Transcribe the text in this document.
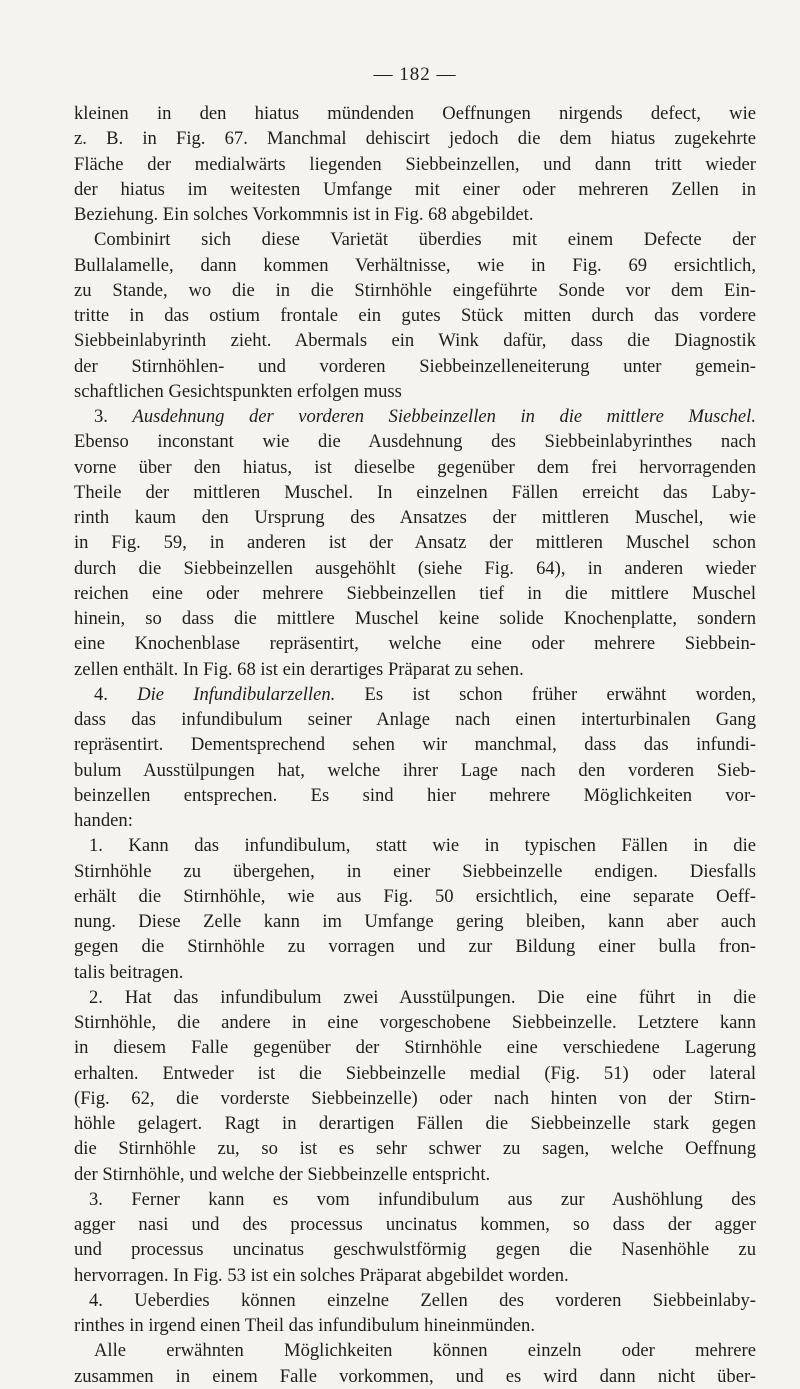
— 182 —
kleinen in den hiatus mündenden Oeffnungen nirgends defect, wie
z. B. in Fig. 67. Manchmal dehiscirt jedoch die dem hiatus zugekehrte
Fläche der medialwärts liegenden Siebbeinzellen, und dann tritt wieder
der hiatus im weitesten Umfange mit einer oder mehreren Zellen in
Beziehung. Ein solches Vorkommnis ist in Fig. 68 abgebildet.
Combinirt sich diese Varietät überdies mit einem Defecte der
Bullalamelle, dann kommen Verhältnisse, wie in Fig. 69 ersichtlich,
zu Stande, wo die in die Stirnhöhle eingeführte Sonde vor dem Ein-
tritte in das ostium frontale ein gutes Stück mitten durch das vordere
Siebbeinlabyrinth zieht. Abermals ein Wink dafür, dass die Diagnostik
der Stirnhöhlen- und vorderen Siebbeinzelleneiterung unter gemein-
schaftlichen Gesichtspunkten erfolgen muss
3. Ausdehnung der vorderen Siebbeinzellen in die mittlere Muschel.
Ebenso inconstant wie die Ausdehnung des Siebbeinlabyrinthes nach
vorne über den hiatus, ist dieselbe gegenüber dem frei hervorragenden
Theile der mittleren Muschel. In einzelnen Fällen erreicht das Laby-
rinth kaum den Ursprung des Ansatzes der mittleren Muschel, wie
in Fig. 59, in anderen ist der Ansatz der mittleren Muschel schon
durch die Siebbeinzellen ausgehöhlt (siehe Fig. 64), in anderen wieder
reichen eine oder mehrere Siebbeinzellen tief in die mittlere Muschel
hinein, so dass die mittlere Muschel keine solide Knochenplatte, sondern
eine Knochenblase repräsentirt, welche eine oder mehrere Siebbein-
zellen enthält. In Fig. 68 ist ein derartiges Präparat zu sehen.
4. Die Infundibularzellen. Es ist schon früher erwähnt worden,
dass das infundibulum seiner Anlage nach einen interturbinalen Gang
repräsentirt. Dementsprechend sehen wir manchmal, dass das infundi-
bulum Ausstülpungen hat, welche ihrer Lage nach den vorderen Sieb-
beinzellen entsprechen. Es sind hier mehrere Möglichkeiten vor-
handen:
1. Kann das infundibulum, statt wie in typischen Fällen in die
Stirnhöhle zu übergehen, in einer Siebbeinzelle endigen. Diesfalls
erhält die Stirnhöhle, wie aus Fig. 50 ersichtlich, eine separate Oeff-
nung. Diese Zelle kann im Umfange gering bleiben, kann aber auch
gegen die Stirnhöhle zu vorragen und zur Bildung einer bulla fron-
talis beitragen.
2. Hat das infundibulum zwei Ausstülpungen. Die eine führt in die
Stirnhöhle, die andere in eine vorgeschobene Siebbeinzelle. Letztere kann
in diesem Falle gegenüber der Stirnhöhle eine verschiedene Lagerung
erhalten. Entweder ist die Siebbeinzelle medial (Fig. 51) oder lateral
(Fig. 62, die vorderste Siebbeinzelle) oder nach hinten von der Stirn-
höhle gelagert. Ragt in derartigen Fällen die Siebbeinzelle stark gegen
die Stirnhöhle zu, so ist es sehr schwer zu sagen, welche Oeffnung
der Stirnhöhle, und welche der Siebbeinzelle entspricht.
3. Ferner kann es vom infundibulum aus zur Aushöhlung des
agger nasi und des processus uncinatus kommen, so dass der agger
und processus uncinatus geschwulstförmig gegen die Nasenhöhle zu
hervorragen. In Fig. 53 ist ein solches Präparat abgebildet worden.
4. Ueberdies können einzelne Zellen des vorderen Siebbeinlaby-
rinthes in irgend einen Theil das infundibulum hineinmünden.
Alle erwähnten Möglichkeiten können einzeln oder mehrere
zusammen in einem Falle vorkommen, und es wird dann nicht über-
